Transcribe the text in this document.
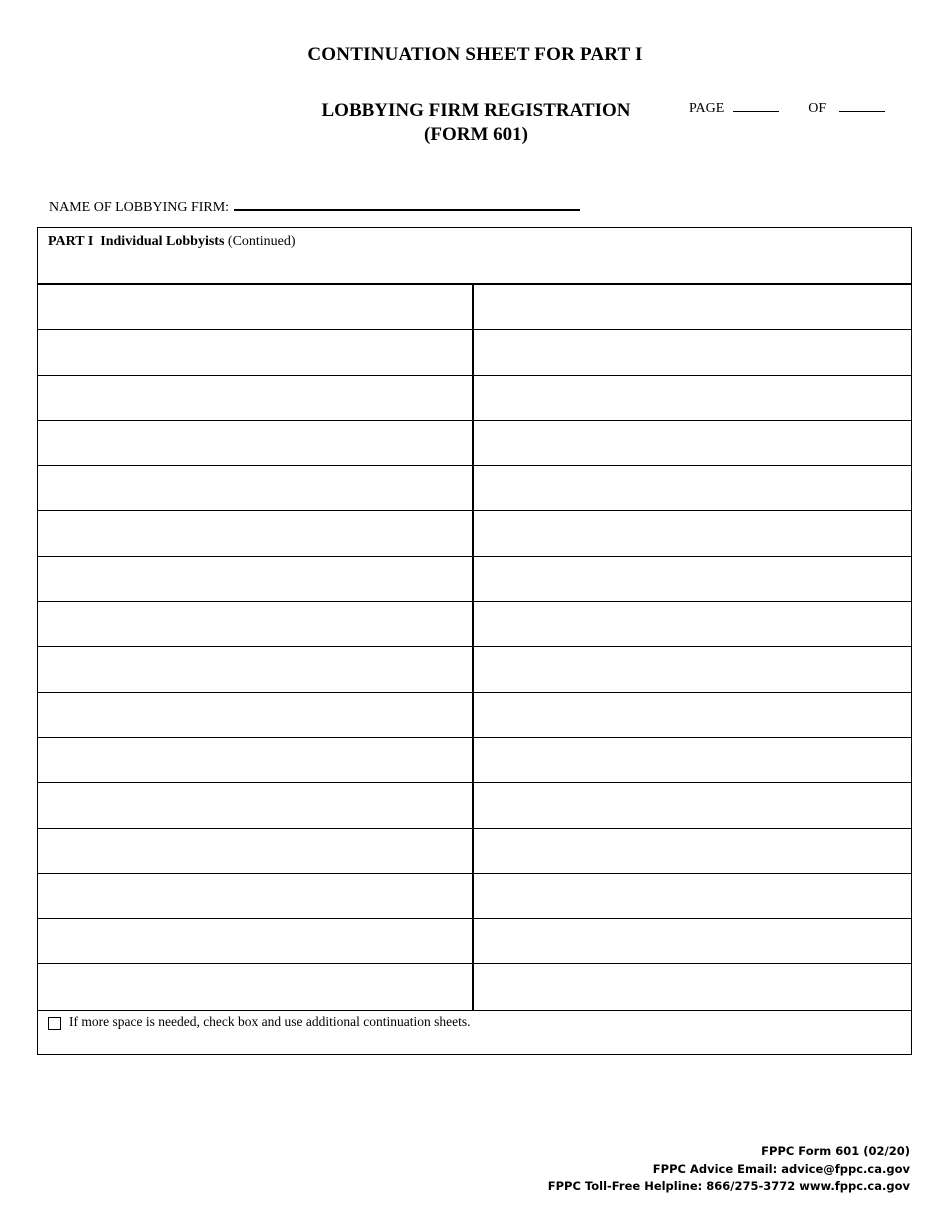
CONTINUATION SHEET FOR PART I
LOBBYING FIRM REGISTRATION
(FORM 601)
PAGE	OF
NAME OF LOBBYING FIRM:
PART I Individual Lobbyists (Continued)
If more space is needed, check box and use additional continuation sheets.
FPPC Form 601 (02/20)
FPPC Advice Email: advice@fppc.ca.gov
FPPC Toll-Free Helpline: 866/275-3772 www.fppc.ca.gov
